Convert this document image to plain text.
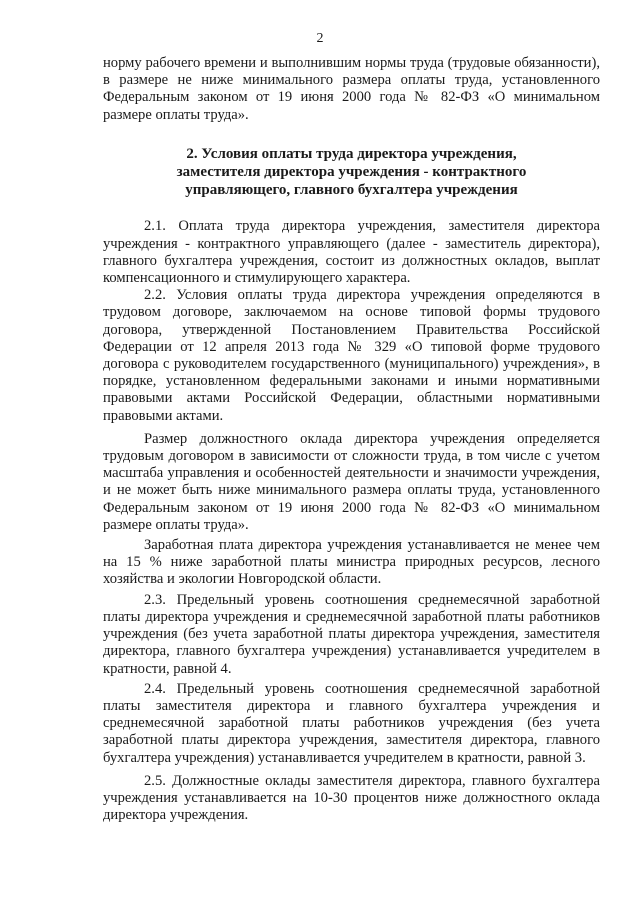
2

норму рабочего времени и выполнившим нормы труда (трудовые обязанности), в размере не ниже минимального размера оплаты труда, установленного Федеральным законом от 19 июня 2000 года № 82-ФЗ «О минимальном размере оплаты труда».

2. Условия оплаты труда директора учреждения,
заместителя директора учреждения - контрактного
управляющего, главного бухгалтера учреждения

2.1. Оплата труда директора учреждения, заместителя директора учреждения - контрактного управляющего (далее - заместитель директора), главного бухгалтера учреждения, состоит из должностных окладов, выплат компенсационного и стимулирующего характера.

2.2. Условия оплаты труда директора учреждения определяются в трудовом договоре, заключаемом на основе типовой формы трудового договора, утвержденной Постановлением Правительства Российской Федерации от 12 апреля 2013 года № 329 «О типовой форме трудового договора с руководителем государственного (муниципального) учреждения», в порядке, установленном федеральными законами и иными нормативными правовыми актами Российской Федерации, областными нормативными правовыми актами.

Размер должностного оклада директора учреждения определяется трудовым договором в зависимости от сложности труда, в том числе с учетом масштаба управления и особенностей деятельности и значимости учреждения, и не может быть ниже минимального размера оплаты труда, установленного Федеральным законом от 19 июня 2000 года № 82-ФЗ «О минимальном размере оплаты труда».

Заработная плата директора учреждения устанавливается не менее чем на 15 % ниже заработной платы министра природных ресурсов, лесного хозяйства и экологии Новгородской области.

2.3. Предельный уровень соотношения среднемесячной заработной платы директора учреждения и среднемесячной заработной платы работников учреждения (без учета заработной платы директора учреждения, заместителя директора, главного бухгалтера учреждения) устанавливается учредителем в кратности, равной 4.

2.4. Предельный уровень соотношения среднемесячной заработной платы заместителя директора и главного бухгалтера учреждения и среднемесячной заработной платы работников учреждения (без учета заработной платы директора учреждения, заместителя директора, главного бухгалтера учреждения) устанавливается учредителем в кратности, равной 3.

2.5. Должностные оклады заместителя директора, главного бухгалтера учреждения устанавливается на 10-30 процентов ниже должностного оклада директора учреждения.
